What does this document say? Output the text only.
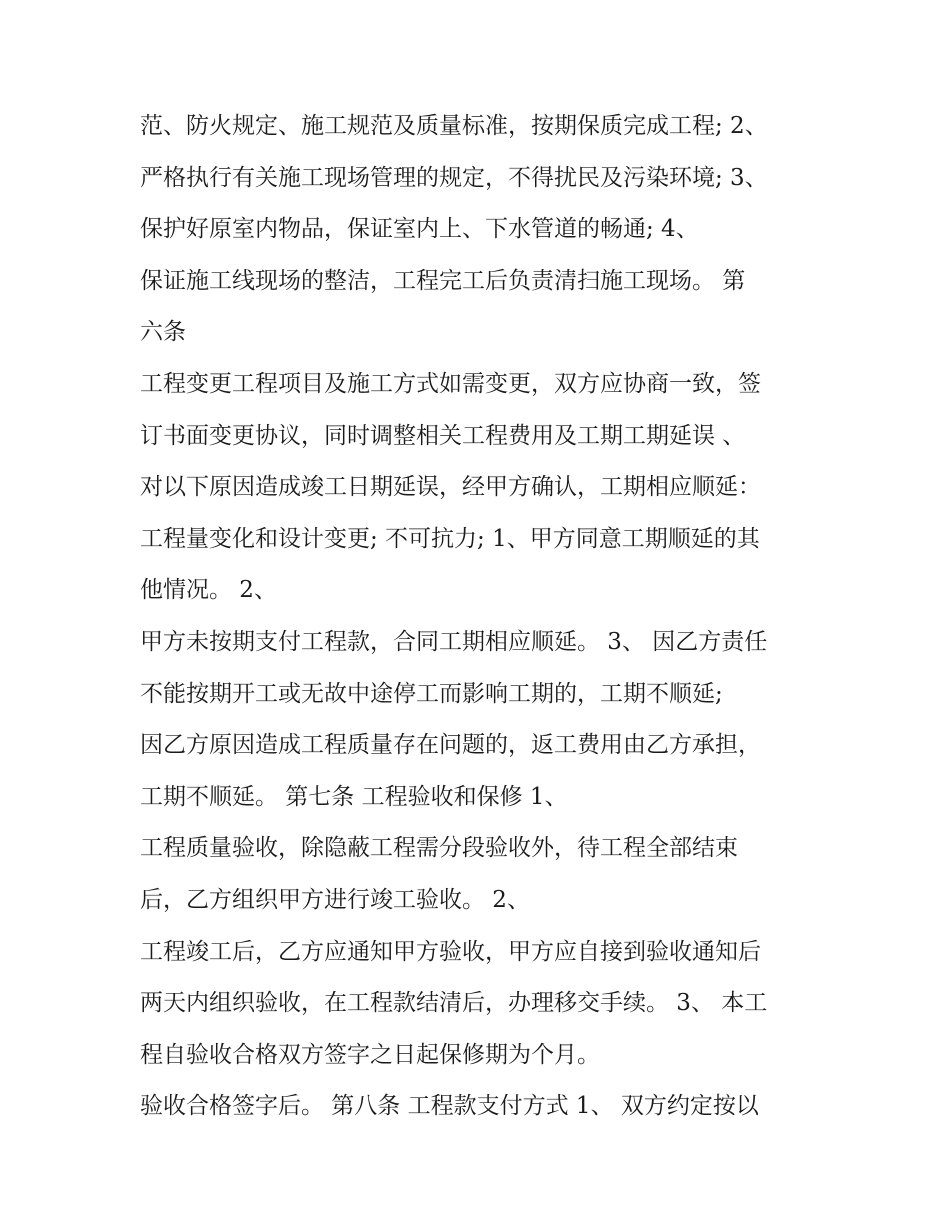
范、防火规定、施工规范及质量标准，按期保质完成工程; 2、
严格执行有关施工现场管理的规定，不得扰民及污染环境; 3、
保护好原室内物品，保证室内上、下水管道的畅通; 4、
保证施工线现场的整洁，工程完工后负责清扫施工现场。 第
六条
工程变更工程项目及施工方式如需变更，双方应协商一致，签
订书面变更协议，同时调整相关工程费用及工期工期延误 、
对以下原因造成竣工日期延误，经甲方确认，工期相应顺延：
工程量变化和设计变更; 不可抗力; 1、甲方同意工期顺延的其
他情况。 2、
甲方未按期支付工程款，合同工期相应顺延。 3、 因乙方责任
不能按期开工或无故中途停工而影响工期的，工期不顺延;
因乙方原因造成工程质量存在问题的，返工费用由乙方承担，
工期不顺延。 第七条 工程验收和保修 1、
工程质量验收，除隐蔽工程需分段验收外，待工程全部结束
后，乙方组织甲方进行竣工验收。 2、
工程竣工后，乙方应通知甲方验收，甲方应自接到验收通知后
两天内组织验收，在工程款结清后，办理移交手续。 3、 本工
程自验收合格双方签字之日起保修期为个月。
验收合格签字后。 第八条 工程款支付方式 1、 双方约定按以
